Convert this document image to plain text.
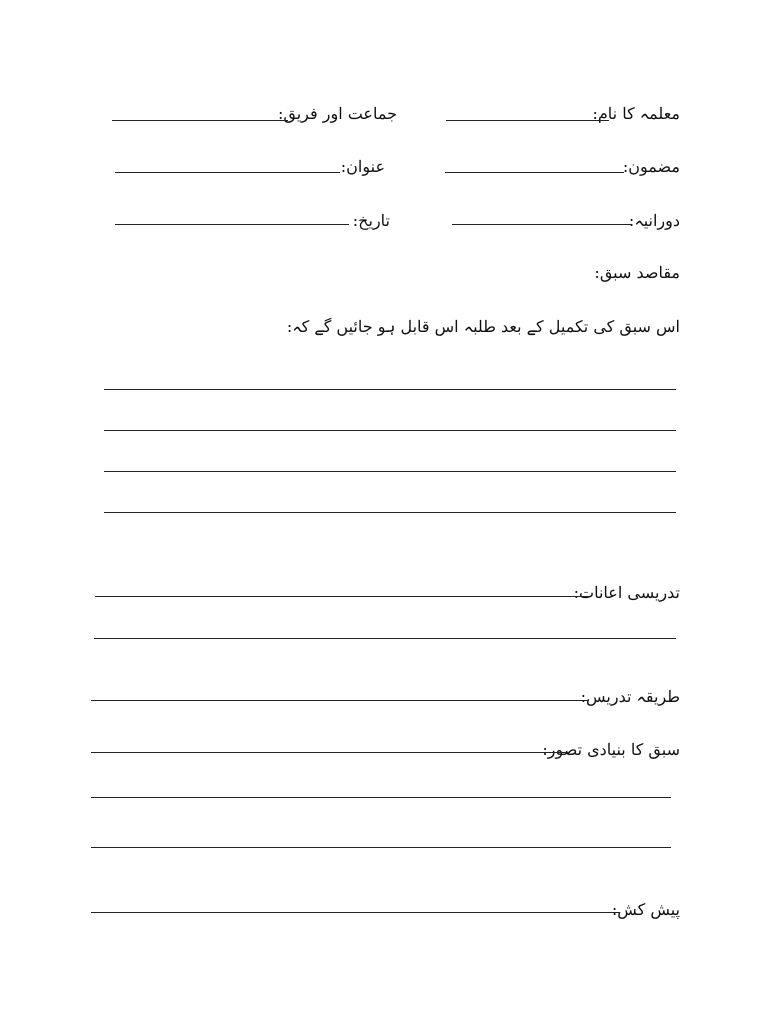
معلمہ کا نام:
جماعت اور فریق:
مضمون:
عنوان:
دورانیہ:
تاریخ:
مقاصد سبق:
اس سبق کی تکمیل کے بعد طلبہ اس قابل ہو جائیں گے کہ:
تدریسی اعانات:
طریقہ تدریس:
سبق کا بنیادی تصور:
پیش کش:
